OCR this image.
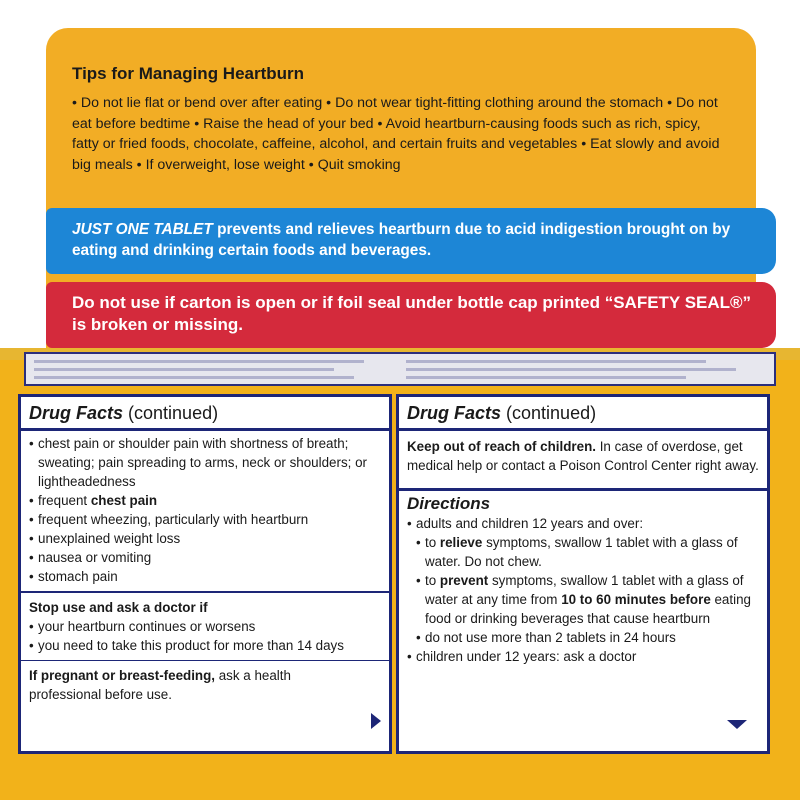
Tips for Managing Heartburn
• Do not lie flat or bend over after eating • Do not wear tight-fitting clothing around the stomach • Do not eat before bedtime • Raise the head of your bed • Avoid heartburn-causing foods such as rich, spicy, fatty or fried foods, chocolate, caffeine, alcohol, and certain fruits and vegetables • Eat slowly and avoid big meals • If overweight, lose weight • Quit smoking
JUST ONE TABLET prevents and relieves heartburn due to acid indigestion brought on by eating and drinking certain foods and beverages.
Do not use if carton is open or if foil seal under bottle cap printed “SAFETY SEAL®” is broken or missing.
Drug Facts (continued)
• chest pain or shoulder pain with shortness of breath; sweating; pain spreading to arms, neck or shoulders; or lightheadedness
• frequent chest pain
• frequent wheezing, particularly with heartburn
• unexplained weight loss
• nausea or vomiting
• stomach pain

Stop use and ask a doctor if

• your heartburn continues or worsens
• you need to take this product for more than 14 days

If pregnant or breast-feeding, ask a health professional before use.

Drug Facts (continued)

Keep out of reach of children. In case of overdose, get medical help or contact a Poison Control Center right away.

Directions
• adults and children 12 years and over:
• to relieve symptoms, swallow 1 tablet with a glass of water. Do not chew.
• to prevent symptoms, swallow 1 tablet with a glass of water at any time from 10 to 60 minutes before eating food or drinking beverages that cause heartburn
• do not use more than 2 tablets in 24 hours
• children under 12 years: ask a doctor
